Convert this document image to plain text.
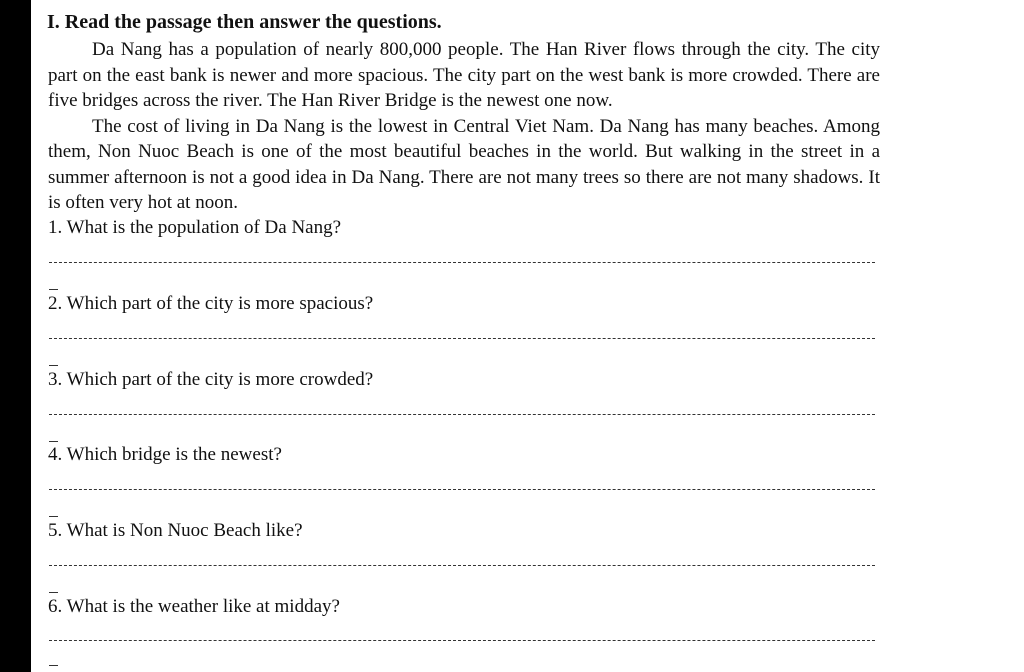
I. Read the passage then answer the questions.

Da Nang has a population of nearly 800,000 people. The Han River flows through the city. The city part on the east bank is newer and more spacious. The city part on the west bank is more crowded. There are five bridges across the river. The Han River Bridge is the newest one now.

The cost of living in Da Nang is the lowest in Central Viet Nam. Da Nang has many beaches. Among them, Non Nuoc Beach is one of the most beautiful beaches in the world. But walking in the street in a summer afternoon is not a good idea in Da Nang. There are not many trees so there are not many shadows. It is often very hot at noon.

1. What is the population of Da Nang?
2. Which part of the city is more spacious?
3. Which part of the city is more crowded?
4. Which bridge is the newest?
5. What is Non Nuoc Beach like?
6. What is the weather like at midday?
